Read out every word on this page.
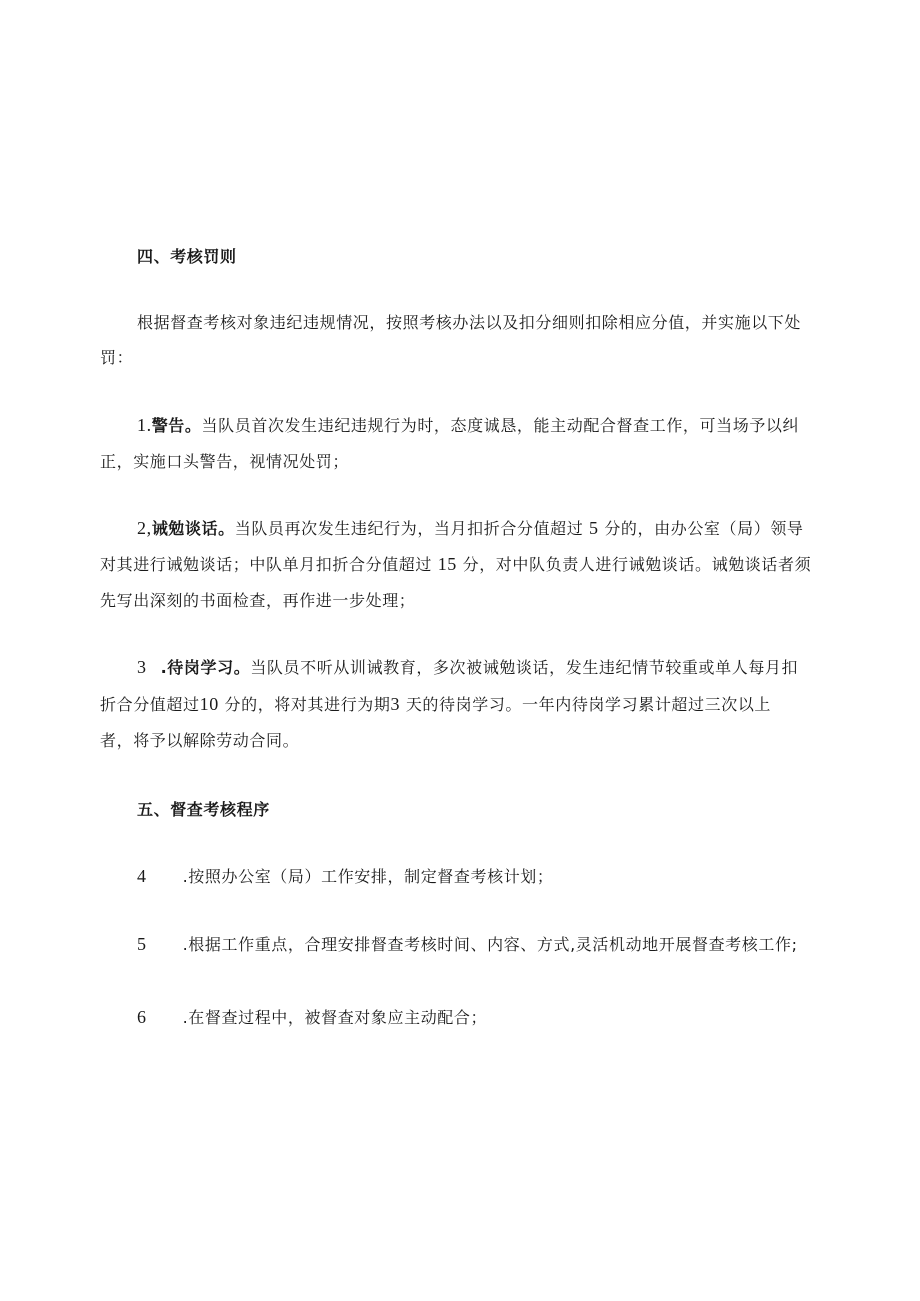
四、考核罚则
根据督查考核对象违纪违规情况，按照考核办法以及扣分细则扣除相应分值，并实施以下处
罚：
1.警告。当队员首次发生违纪违规行为时，态度诚恳，能主动配合督查工作，可当场予以纠
正，实施口头警告，视情况处罚；
2,诫勉谈话。当队员再次发生违纪行为，当月扣折合分值超过 5 分的，由办公室（局）领导
对其进行诫勉谈话；中队单月扣折合分值超过 15 分，对中队负责人进行诫勉谈话。诫勉谈话者须
先写出深刻的书面检查，再作进一步处理；
3 .待岗学习。当队员不听从训诫教育，多次被诫勉谈话，发生违纪情节较重或单人每月扣
折合分值超过10 分的，将对其进行为期3 天的待岗学习。一年内待岗学习累计超过三次以上
者，将予以解除劳动合同。
五、督查考核程序
4 .按照办公室（局）工作安排，制定督查考核计划；
5 .根据工作重点，合理安排督查考核时间、内容、方式,灵活机动地开展督查考核工作;
6 .在督查过程中，被督查对象应主动配合；
